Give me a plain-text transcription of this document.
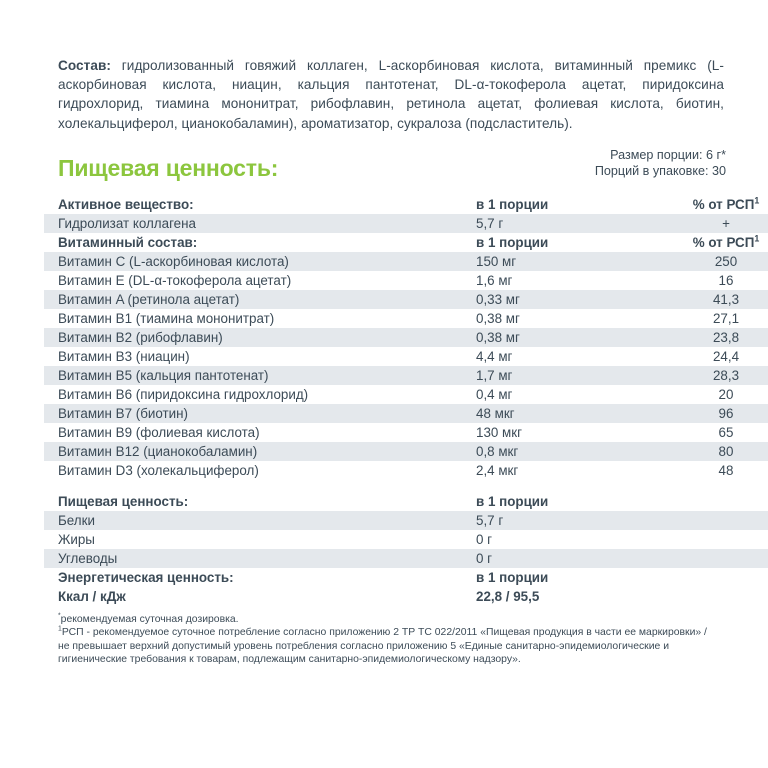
Состав: гидролизованный говяжий коллаген, L-аскорбиновая кислота, витаминный премикс (L-аскорбиновая кислота, ниацин, кальция пантотенат, DL-α-токоферола ацетат, пиридоксина гидрохлорид, тиамина мононитрат, рибофлавин, ретинола ацетат, фолиевая кислота, биотин, холекальциферол, цианокобаламин), ароматизатор, сукралоза (подсластитель).

Пищевая ценность:
Размер порции: 6 г*
Порций в упаковке: 30
Активное вещество:	в 1 порции	% от РСП$^1$
Гидролизат коллагена	5,7 г	+
Витаминный состав:	в 1 порции	% от РСП$^1$
Витамин C (L-аскорбиновая кислота)	150 мг	250
Витамин E (DL-α-токоферола ацетат)	1,6 мг	16
Витамин A (ретинола ацетат)	0,33 мг	41,3
Витамин B1 (тиамина мононитрат)	0,38 мг	27,1
Витамин B2 (рибофлавин)	0,38 мг	23,8
Витамин B3 (ниацин)	4,4 мг	24,4
Витамин B5 (кальция пантотенат)	1,7 мг	28,3
Витамин B6 (пиридоксина гидрохлорид)	0,4 мг	20
Витамин B7 (биотин)	48 мкг	96
Витамин B9 (фолиевая кислота)	130 мкг	65
Витамин B12 (цианокобаламин)	0,8 мкг	80
Витамин D3 (холекальциферол)	2,4 мкг	48

Пищевая ценность:	в 1 порции	
Белки	5,7 г	
Жиры	0 г	
Углеводы	0 г	
Энергетическая ценность:	в 1 порции	
Ккал / кДж	22,8 / 95,5	

*рекомендуемая суточная дозировка.

$^1$РСП - рекомендуемое суточное потребление согласно приложению 2 ТР ТС 022/2011 «Пищевая продукция в части ее маркировки» / не превышает верхний допустимый уровень потребления согласно приложению 5 «Единые санитарно-эпидемиологические и гигиенические требования к товарам, подлежащим санитарно-эпидемиологическому надзору».
